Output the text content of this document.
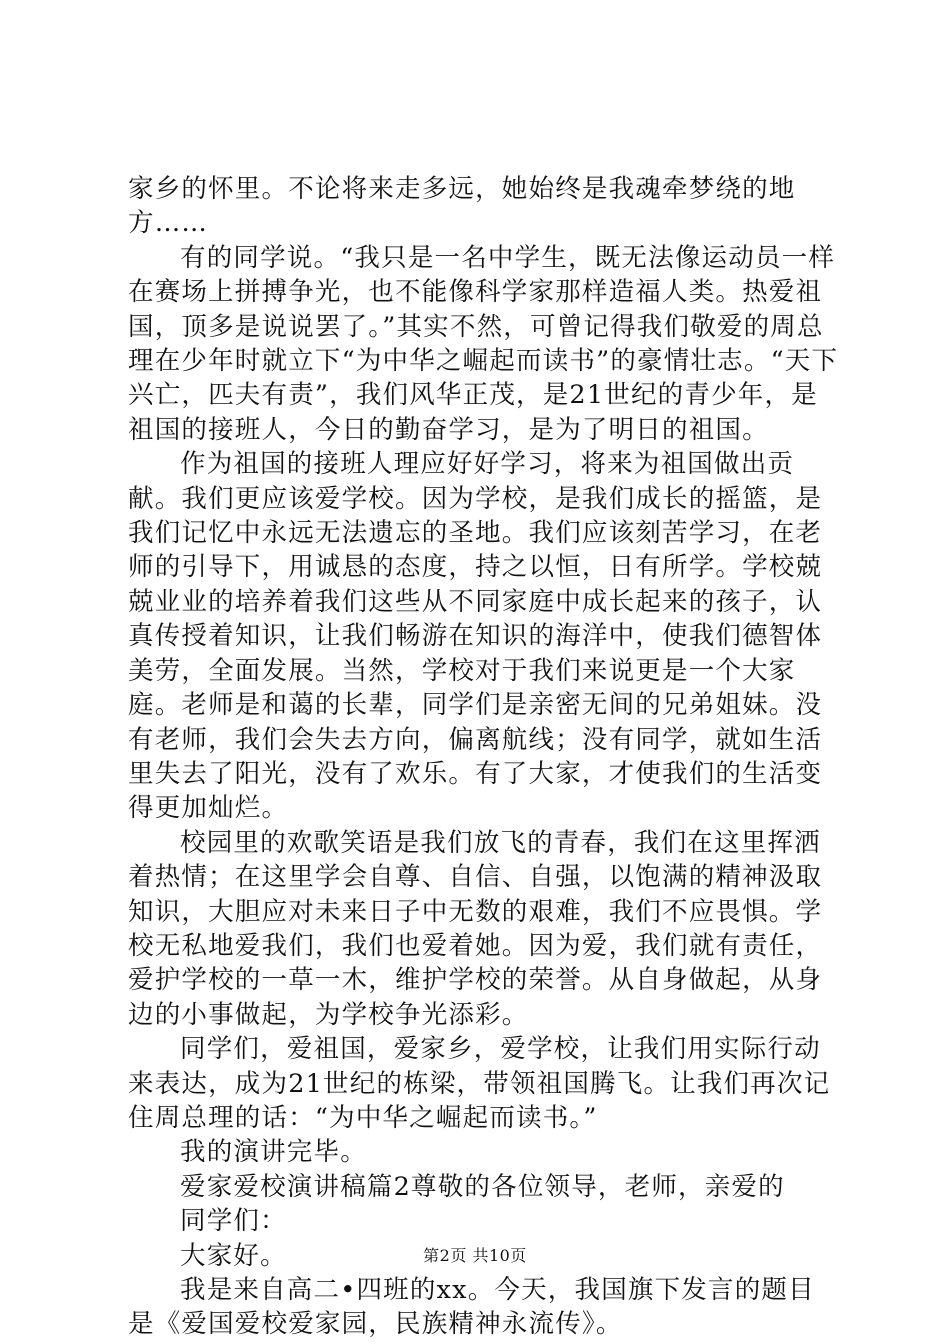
家乡的怀里。不论将来走多远，她始终是我魂牵梦绕的地方……

有的同学说。“我只是一名中学生，既无法像运动员一样在赛场上拼搏争光，也不能像科学家那样造福人类。热爱祖国，顶多是说说罢了。”其实不然，可曾记得我们敬爱的周总理在少年时就立下“为中华之崛起而读书”的豪情壮志。“天下兴亡，匹夫有责”，我们风华正茂，是21世纪的青少年，是祖国的接班人，今日的勤奋学习，是为了明日的祖国。

作为祖国的接班人理应好好学习，将来为祖国做出贡献。我们更应该爱学校。因为学校，是我们成长的摇篮，是我们记忆中永远无法遗忘的圣地。我们应该刻苦学习，在老师的引导下，用诚恳的态度，持之以恒，日有所学。学校兢兢业业的培养着我们这些从不同家庭中成长起来的孩子，认真传授着知识，让我们畅游在知识的海洋中，使我们德智体美劳，全面发展。当然，学校对于我们来说更是一个大家庭。老师是和蔼的长辈，同学们是亲密无间的兄弟姐妹。没有老师，我们会失去方向，偏离航线；没有同学，就如生活里失去了阳光，没有了欢乐。有了大家，才使我们的生活变得更加灿烂。

校园里的欢歌笑语是我们放飞的青春，我们在这里挥洒着热情；在这里学会自尊、自信、自强，以饱满的精神汲取知识，大胆应对未来日子中无数的艰难，我们不应畏惧。学校无私地爱我们，我们也爱着她。因为爱，我们就有责任，爱护学校的一草一木，维护学校的荣誉。从自身做起，从身边的小事做起，为学校争光添彩。

同学们，爱祖国，爱家乡，爱学校，让我们用实际行动来表达，成为21世纪的栋梁，带领祖国腾飞。让我们再次记住周总理的话：“为中华之崛起而读书。”

我的演讲完毕。

爱家爱校演讲稿篇2尊敬的各位领导，老师，亲爱的

同学们：

大家好。

我是来自高二•四班的xx。今天，我国旗下发言的题目是《爱国爱校爱家园，民族精神永流传》。

第2页 共10页
